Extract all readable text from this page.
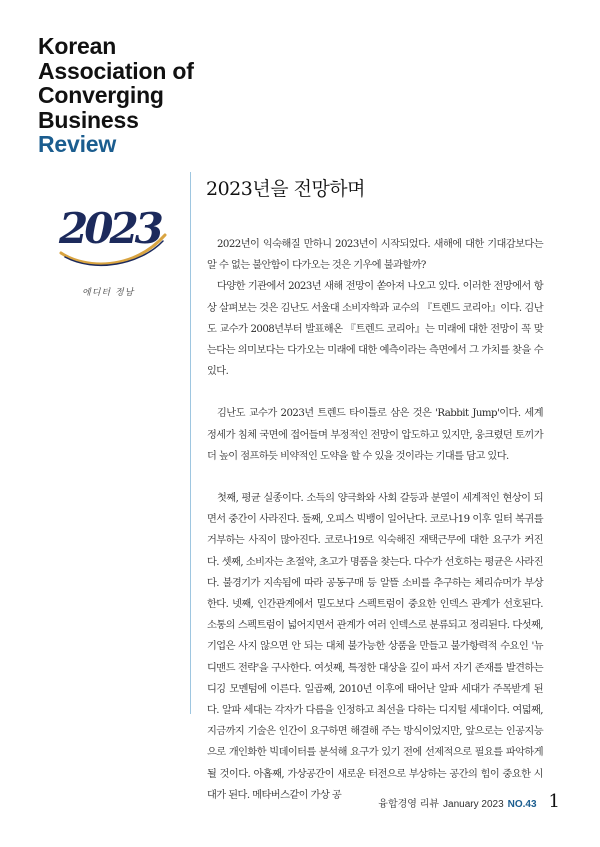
Korean
Association of
Converging
Business
Review
2023
에디터 정남
2023년을 전망하며

2022년이 익숙해질 만하니 2023년이 시작되었다. 새해에 대한 기대감보다는 알 수 없는 불안함이 다가오는 것은 기우에 불과할까?

다양한 기관에서 2023년 새해 전망이 쏟아져 나오고 있다. 이러한 전망에서 항상 살펴보는 것은 김난도 서울대 소비자학과 교수의 『트렌드 코리아』이다. 김난도 교수가 2008년부터 발표해온 『트렌드 코리아』는 미래에 대한 전망이 꼭 맞는다는 의미보다는 다가오는 미래에 대한 예측이라는 측면에서 그 가치를 찾을 수 있다.

김난도 교수가 2023년 트렌드 타이틀로 삼은 것은 'Rabbit Jump'이다. 세계 정세가 침체 국면에 접어들며 부정적인 전망이 압도하고 있지만, 웅크렸던 토끼가 더 높이 점프하듯 비약적인 도약을 할 수 있을 것이라는 기대를 담고 있다.

첫째, 평균 실종이다. 소득의 양극화와 사회 갈등과 분열이 세계적인 현상이 되면서 중간이 사라진다. 둘째, 오피스 빅뱅이 일어난다. 코로나19 이후 일터 복귀를 거부하는 사직이 많아진다. 코로나19로 익숙해진 재택근무에 대한 요구가 커진다. 셋째, 소비자는 초절약, 초고가 명품을 찾는다. 다수가 선호하는 평균은 사라진다. 불경기가 지속됨에 따라 공동구매 등 알뜰 소비를 추구하는 체리슈머가 부상한다. 넷째, 인간관계에서 밀도보다 스펙트럼이 중요한 인덱스 관계가 선호된다. 소통의 스펙트럼이 넓어지면서 관계가 여러 인덱스로 분류되고 정리된다. 다섯째, 기업은 사지 않으면 안 되는 대체 불가능한 상품을 만들고 불가항력적 수요인 '뉴 디맨드 전략'을 구사한다. 여섯째, 특정한 대상을 깊이 파서 자기 존재를 발견하는 디깅 모멘텀에 이른다. 일곱째, 2010년 이후에 태어난 알파 세대가 주목받게 된다. 알파 세대는 각자가 다름을 인정하고 최선을 다하는 디지털 세대이다. 여덟째, 지금까지 기술은 인간이 요구하면 해결해 주는 방식이었지만, 앞으로는 인공지능으로 개인화한 빅데이터를 분석해 요구가 있기 전에 선제적으로 필요를 파악하게 될 것이다. 아홉째, 가상공간이 새로운 터전으로 부상하는 공간의 힘이 중요한 시대가 된다. 메타버스같이 가상 공

융합경영 리뷰 January 2023 NO.43 1
